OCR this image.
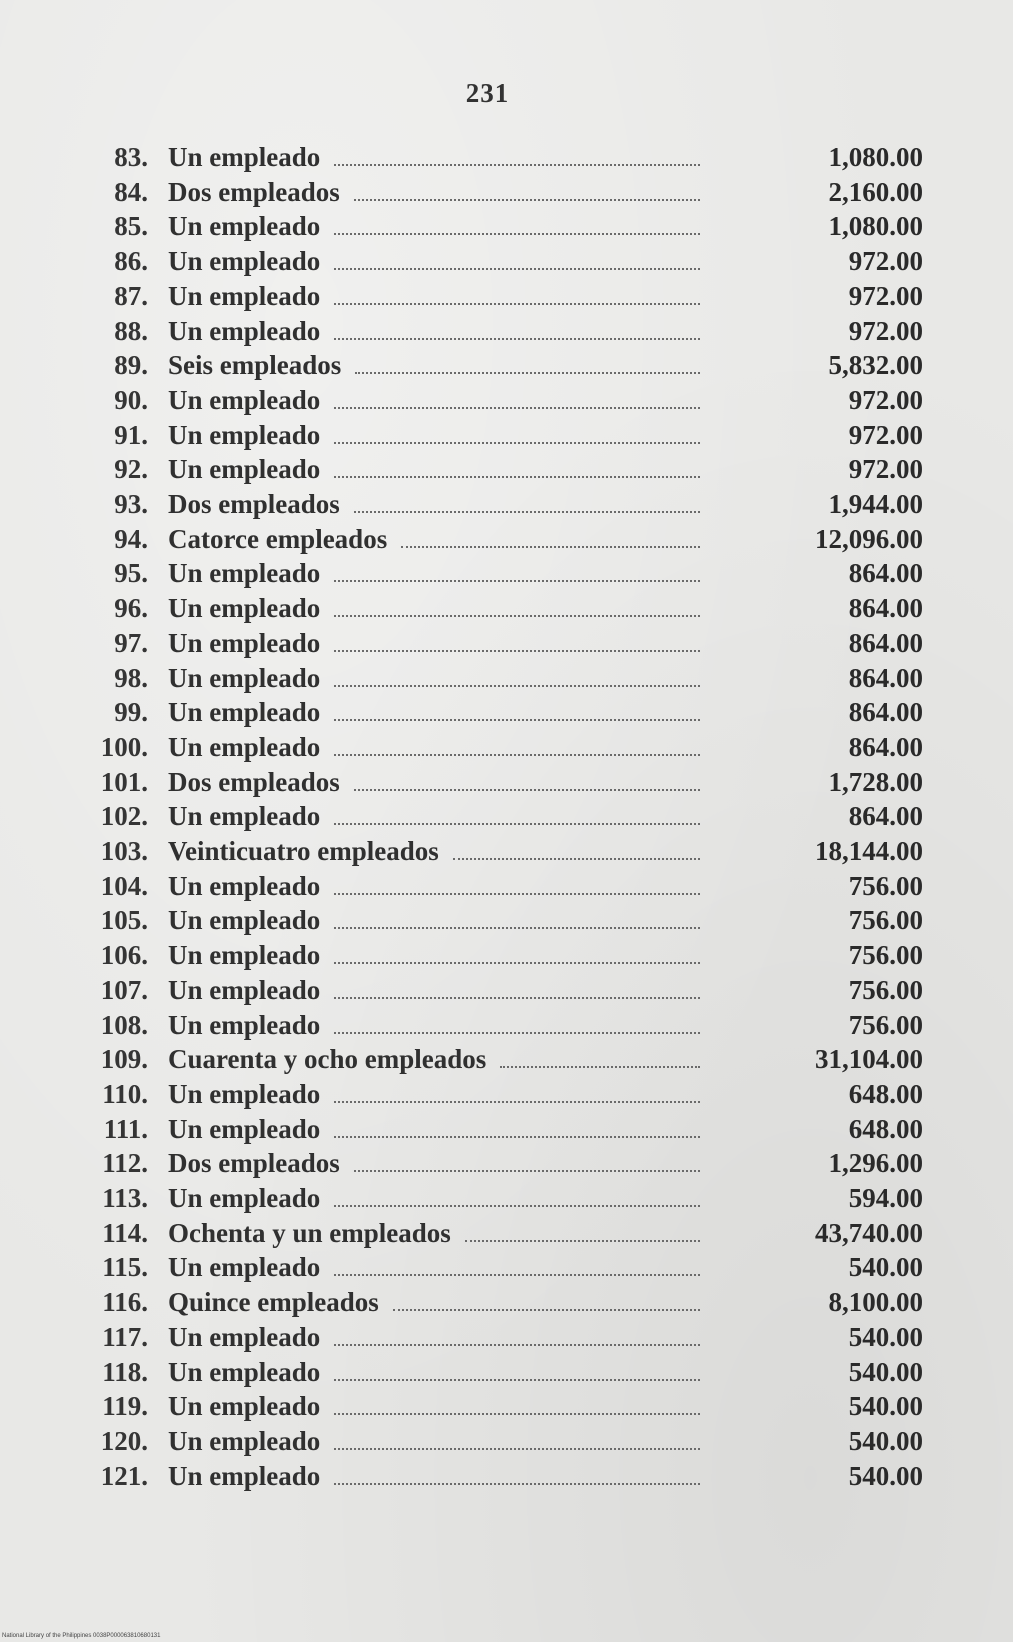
231
83. Un empleado	1,080.00
84. Dos empleados	2,160.00
85. Un empleado	1,080.00
86. Un empleado	972.00
87. Un empleado	972.00
88. Un empleado	972.00
89. Seis empleados	5,832.00
90. Un empleado	972.00
91. Un empleado	972.00
92. Un empleado	972.00
93. Dos empleados	1,944.00
94. Catorce empleados	12,096.00
95. Un empleado	864.00
96. Un empleado	864.00
97. Un empleado	864.00
98. Un empleado	864.00
99. Un empleado	864.00
100. Un empleado	864.00
101. Dos empleados	1,728.00
102. Un empleado	864.00
103. Veinticuatro empleados	18,144.00
104. Un empleado	756.00
105. Un empleado	756.00
106. Un empleado	756.00
107. Un empleado	756.00
108. Un empleado	756.00
109. Cuarenta y ocho empleados	31,104.00
110. Un empleado	648.00
111. Un empleado	648.00
112. Dos empleados	1,296.00
113. Un empleado	594.00
114. Ochenta y un empleados	43,740.00
115. Un empleado	540.00
116. Quince empleados	8,100.00
117. Un empleado	540.00
118. Un empleado	540.00
119. Un empleado	540.00
120. Un empleado	540.00
121. Un empleado	540.00
National Library of the Philippines 0038P000063810680131
